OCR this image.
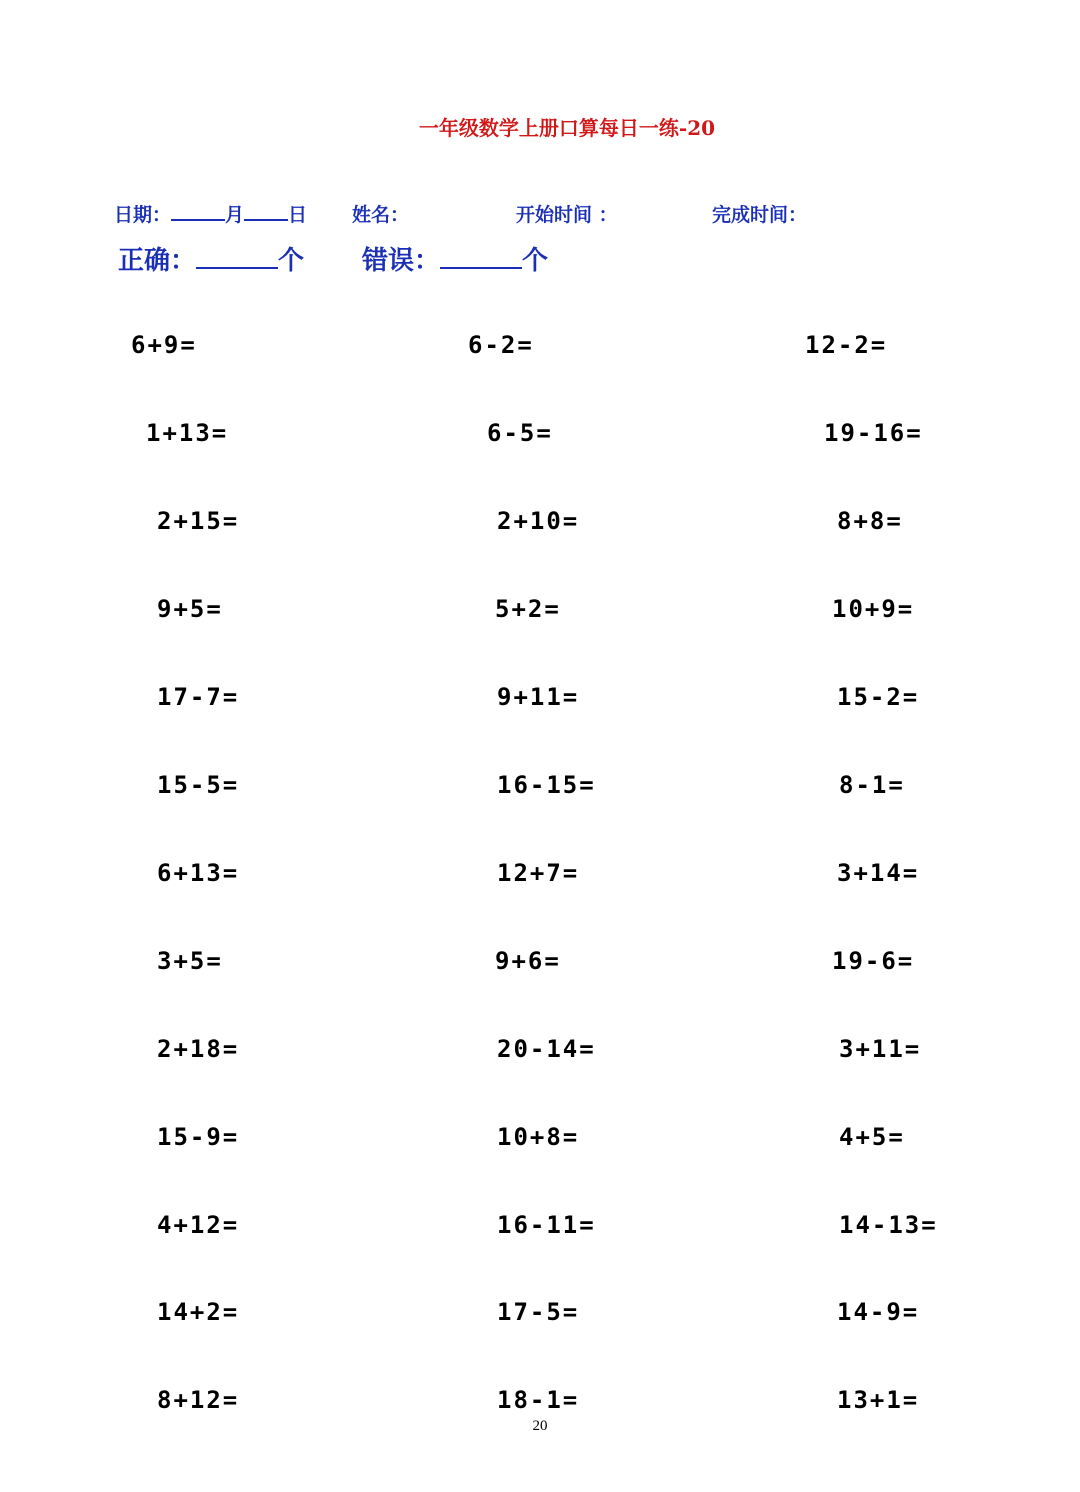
一年级数学上册口算每日一练-20
日期：	月 日 姓名：	开始时间 ：	完成时间：
正确：	个 错误：	个
6+9=	6-2=	12-2=
1+13=	6-5=	19-16=
2+15=	2+10=	8+8=
9+5=	5+2=	10+9=
17-7=	9+11=	15-2=
15-5=	16-15=	8-1=
6+13=	12+7=	3+14=
3+5=	9+6=	19-6=
2+18=	20-14=	3+11=
15-9=	10+8=	4+5=
4+12=	16-11=	14-13=
14+2=	17-5=	14-9=
8+12=	18-1=	13+1=
20
